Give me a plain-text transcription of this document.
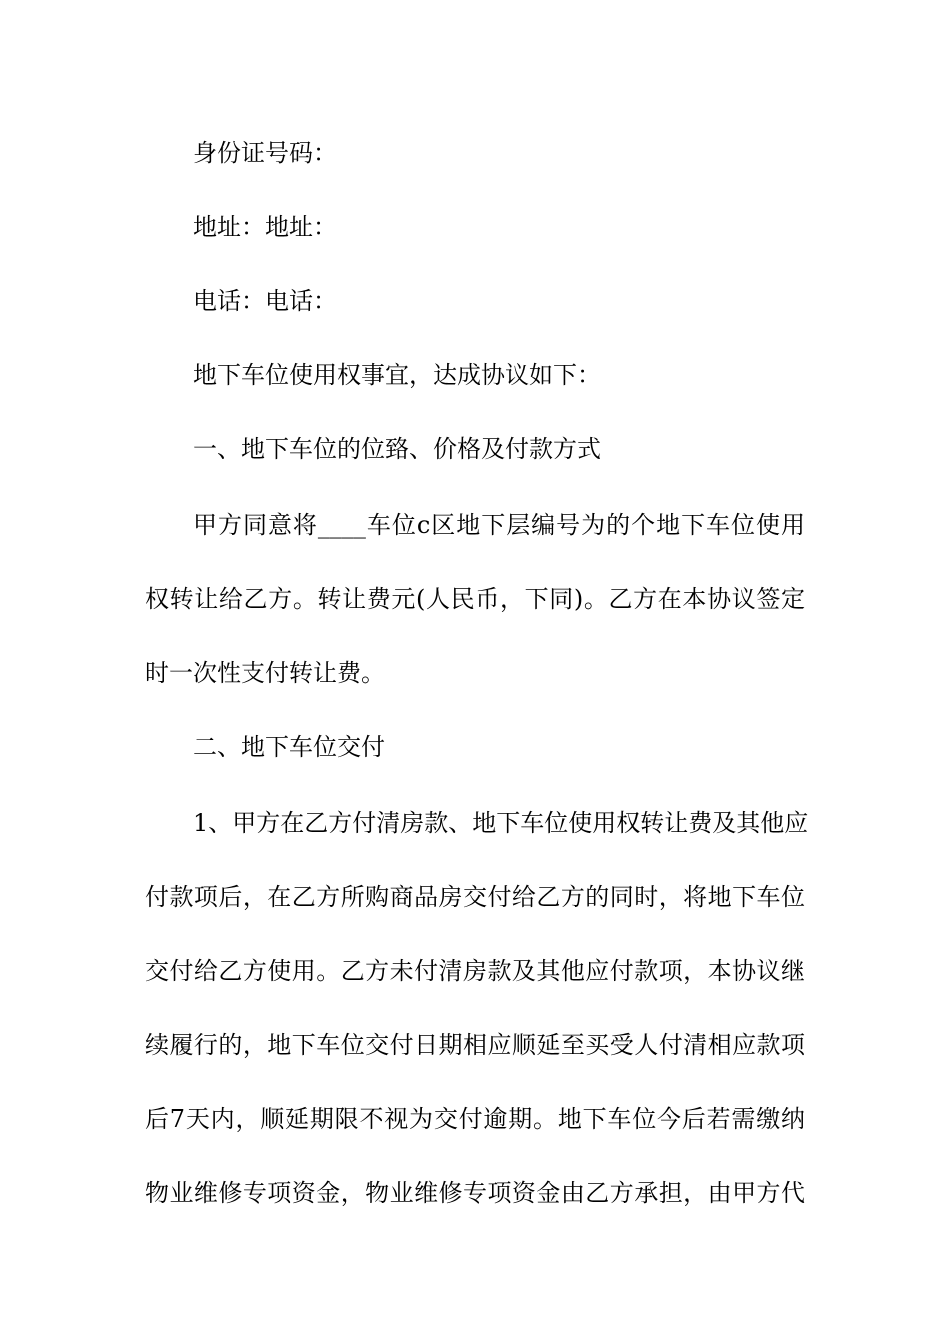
身份证号码：
地址：地址：
电话：电话：
地下车位使用权事宜，达成协议如下：
一、地下车位的位臵、价格及付款方式
甲方同意将____车位c区地下层编号为的个地下车位使用
权转让给乙方。转让费元(人民币，下同)。乙方在本协议签定
时一次性支付转让费。
二、地下车位交付
1、甲方在乙方付清房款、地下车位使用权转让费及其他应
付款项后，在乙方所购商品房交付给乙方的同时，将地下车位
交付给乙方使用。乙方未付清房款及其他应付款项，本协议继
续履行的，地下车位交付日期相应顺延至买受人付清相应款项
后7天内，顺延期限不视为交付逾期。地下车位今后若需缴纳
物业维修专项资金，物业维修专项资金由乙方承担，由甲方代
